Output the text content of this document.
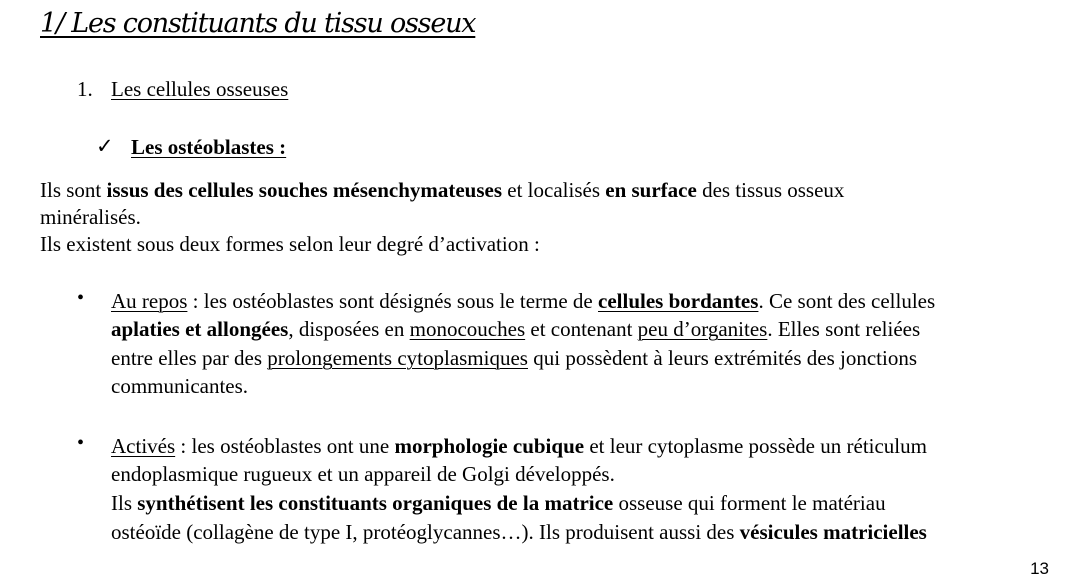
1/ Les constituants du tissu osseux
1. Les cellules osseuses
✓ Les ostéoblastes :
Ils sont issus des cellules souches mésenchymateuses et localisés en surface des tissus osseux
minéralisés.
Ils existent sous deux formes selon leur degré d’activation :
• Au repos : les ostéoblastes sont désignés sous le terme de cellules bordantes. Ce sont des cellules
aplaties et allongées, disposées en monocouches et contenant peu d’organites. Elles sont reliées
entre elles par des prolongements cytoplasmiques qui possèdent à leurs extrémités des jonctions
communicantes.
• Activés : les ostéoblastes ont une morphologie cubique et leur cytoplasme possède un réticulum
endoplasmique rugueux et un appareil de Golgi développés.
Ils synthétisent les constituants organiques de la matrice osseuse qui forment le matériau
ostéoïde (collagène de type I, protéoglycannes…). Ils produisent aussi des vésicules matricielles
13
